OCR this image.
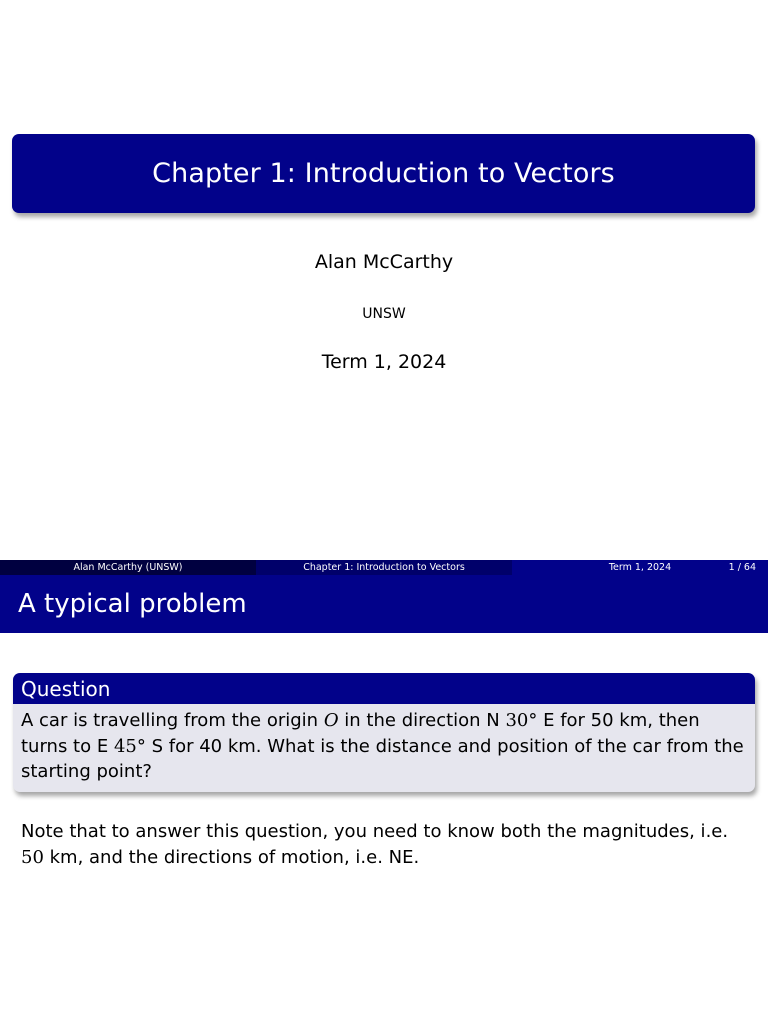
Chapter 1: Introduction to Vectors
Alan McCarthy
UNSW
Term 1, 2024
Alan McCarthy (UNSW)	Chapter 1: Introduction to Vectors	Term 1, 2024	1 / 64
A typical problem
Question
A car is travelling from the origin O in the direction N 30° E for 50 km, then turns to E 45° S for 40 km. What is the distance and position of the car from the starting point?
Note that to answer this question, you need to know both the magnitudes, i.e. 50 km, and the directions of motion, i.e. NE.
